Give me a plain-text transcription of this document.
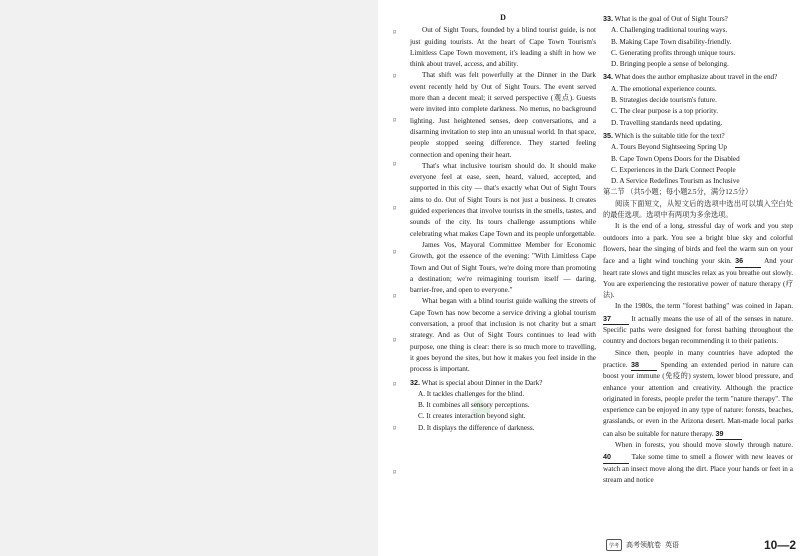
ﾛ
ﾛ
ﾛ
ﾛ
ﾛ
ﾛ
ﾛ
ﾛ
ﾛ
ﾛ
ﾛ
☘
D

Out of Sight Tours, founded by a blind tourist guide, is not just guiding tourists. At the heart of Cape Town Tourism's Limitless Cape Town movement, it's leading a shift in how we think about travel, access, and ability.

That shift was felt powerfully at the Dinner in the Dark event recently held by Out of Sight Tours. The event served more than a decent meal; it served perspective (观点). Guests were invited into complete darkness. No menus, no background lighting. Just heightened senses, deep conversations, and a disarming invitation to step into an unusual world. In that space, people stopped seeing difference. They started feeling connection and opening their heart.

That's what inclusive tourism should do. It should make everyone feel at ease, seen, heard, valued, accepted, and supported in this city — that's exactly what Out of Sight Tours aims to do. Out of Sight Tours is not just a business. It creates guided experiences that involve tourists in the smells, tastes, and sounds of the city. Its tours challenge assumptions while celebrating what makes Cape Town and its people unforgettable.

James Vos, Mayoral Committee Member for Economic Growth, got the essence of the evening: "With Limitless Cape Town and Out of Sight Tours, we're doing more than promoting a destination; we're reimagining tourism itself — daring, barrier-free, and open to everyone."

What began with a blind tourist guide walking the streets of Cape Town has now become a service driving a global tourism conversation, a proof that inclusion is not charity but a smart strategy. And as Out of Sight Tours continues to lead with purpose, one thing is clear: there is so much more to travelling, it goes beyond the sites, but how it makes you feel inside in the process is important.

32. What is special about Dinner in the Dark?

A. It tackles challenges for the blind.

B. It combines all sensory perceptions.

C. It creates interaction beyond sight.

D. It displays the difference of darkness.

33. What is the goal of Out of Sight Tours?

A. Challenging traditional touring ways.

B. Making Cape Town disability-friendly.

C. Generating profits through unique tours.

D. Bringing people a sense of belonging.

34. What does the author emphasize about travel in the end?

A. The emotional experience counts.

B. Strategies decide tourism's future.

C. The clear purpose is a top priority.

D. Travelling standards need updating.

35. Which is the suitable title for the text?

A. Tours Beyond Sightseeing Spring Up

B. Cape Town Opens Doors for the Disabled

C. Experiences in the Dark Connect People

D. A Service Redefines Tourism as Inclusive

第二节 （共5小题；每小题2.5分，满分12.5分）

阅读下面短文，从短文后的选项中选出可以填入空白处的最佳选项。选项中有两项为多余选项。

It is the end of a long, stressful day of work and you step outdoors into a park. You see a bright blue sky and colorful flowers, hear the singing of birds and feel the warm sun on your face and a light wind touching your skin. 36	And your heart rate slows and tight muscles relax as you breathe out slowly. You are experiencing the restorative power of nature therapy (疗法).

In the 1980s, the term "forest bathing" was coined in Japan. 37	It actually means the use of all of the senses in nature. Specific paths were designed for forest bathing throughout the country and doctors began recommending it to their patients.

Since then, people in many countries have adopted the practice. 38	Spending an extended period in nature can boost your immune (免疫的) system, lower blood pressure, and enhance your attention and creativity. Although the practice originated in forests, people prefer the term "nature therapy". The experience can be enjoyed in any type of nature: forests, beaches, grasslands, or even in the Arizona desert. Man-made local parks can also be suitable for nature therapy. 39

When in forests, you should move slowly through nature. 40	Take some time to smell a flower with new leaves or watch an insect move along the dirt. Place your hands or feet in a stream and notice

学考	高考领航卷 英语	10—2
